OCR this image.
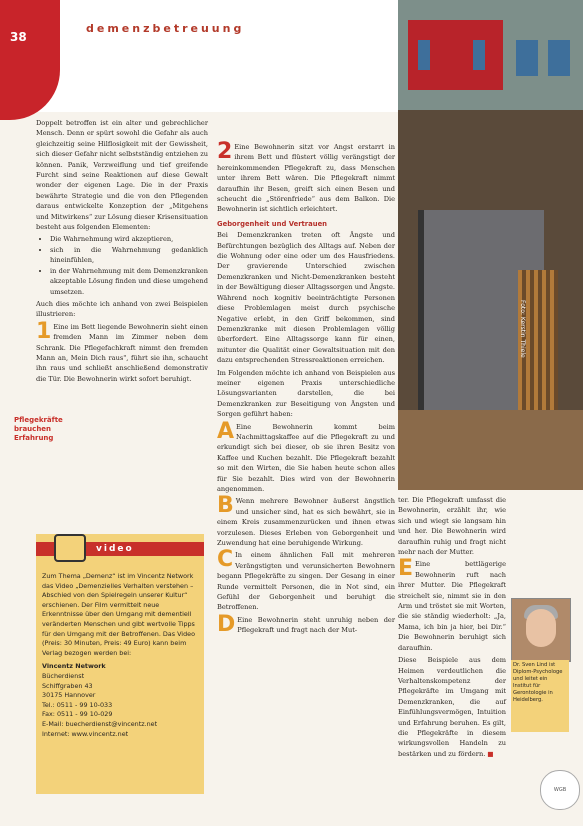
38
demenzbetreuung
Foto: Kerstin Thiele

Doppelt betroffen ist ein alter und gebrechlicher Mensch. Denn er spürt sowohl die Gefahr als auch gleichzeitig seine Hilflosigkeit mit der Gewissheit, sich dieser Gefahr nicht selbstständig entziehen zu können. Panik, Verzweiflung und tief greifende Furcht sind seine Reaktionen auf diese Gewalt wonder der eigenen Lage. Die in der Praxis bewährte Strategie und die von den Pflegenden daraus entwickelte Konzeption der „Mitgehens und Mitwirkens“ zur Lösung dieser Krisensituation besteht aus folgenden Elementen:

• Die Wahrnehmung wird akzeptieren,
• sich in die Wahrnehmung gedanklich hineinfühlen,
• in der Wahrnehmung mit dem Demenzkranken akzeptable Lösung finden und diese umgehend umsetzen.

Auch dies möchte ich anhand von zwei Beispielen illustrieren:

1 Eine im Bett liegende Bewohnerin sieht einen fremden Mann im Zimmer neben dem Schrank. Die Pflegefachkraft nimmt den fremden Mann an, Mein Dich raus", führt sie ihn, schaucht ihn raus und schließt anschließend demonstrativ die Tür. Die Bewohnerin wirkt sofort beruhigt.

Pflegekräfte brauchen Erfahrung

2 Eine Bewohnerin sitzt vor Angst erstarrt in ihrem Bett und flüstert völlig verängstigt der hereinkommenden Pflegekraft zu, dass Menschen unter ihrem Bett wären. Die Pflegekraft nimmt daraufhin ihr Besen, greift sich einen Besen und scheucht die „Störenfriede“ aus dem Balkon. Die Bewohnerin ist sichtlich erleichtert.

Geborgenheit und Vertrauen

Bei Demenzkranken treten oft Ängste und Befürchtungen bezüglich des Alltags auf. Neben der die Wohnung oder eine oder um des Hausfriedens. Der gravierende Unterschied zwischen Demenzkranken und Nicht-Demenzkranken besteht in der Bewältigung dieser Alltagssorgen und Ängste. Während noch kognitiv beeinträchtigte Personen diese Problemlagen meist durch psychische Negative erlebt, in den Griff bekommen, sind Demenzkranke mit diesen Problemlagen völlig überfordert. Eine Alltagssorge kann für einen, mitunter die Qualität einer Gewaltsituation mit den dazu entsprechenden Stressreaktionen erreichen.

Im Folgenden möchte ich anhand von Beispielen aus meiner eigenen Praxis unterschiedliche Lösungsvarianten darstellen, die bei Demenzkranken zur Beseitigung von Ängsten und Sorgen geführt haben:

A Eine Bewohnerin kommt beim Nachmittagskaffee auf die Pflegekraft zu und erkundigt sich bei dieser, ob sie ihren Besitz von Kaffee und Kuchen bezahlt. Die Pflegekraft bezahlt so mit den Wirten, die Sie haben heute schon alles für Sie bezahlt. Dies wird von der Bewohnerin angenommen.

B Wenn mehrere Bewohner äußerst ängstlich und unsicher sind, hat es sich bewährt, sie in einem Kreis zusammenzurücken und ihnen etwas vorzulesen. Dieses Erleben von Geborgenheit und Zuwendung hat eine beruhigende Wirkung.

C In einem ähnlichen Fall mit mehreren Verängstigten und verunsicherten Bewohnern begann Pflegekräfte zu singen. Der Gesang in einer Runde vermittelt Personen, die in Not sind, ein Gefühl der Geborgenheit und beruhigt die Betroffenen.

D Eine Bewohnerin steht unruhig neben der Pflegekraft und fragt nach der Mut-

ter. Die Pflegekraft umfasst die Bewohnerin, erzählt ihr, wie sich und wiegt sie langsam hin und her. Die Bewohnerin wird daraufhin ruhig und fragt nicht mehr nach der Mutter.

E Eine bettlägerige Bewohnerin ruft nach ihrer Mutter. Die Pflegekraft streichelt sie, nimmt sie in den Arm und tröstet sie mit Worten, die sie ständig wiederholt: „Ja, Mama, ich bin ja hier, bei Dir.“ Die Bewohnerin beruhigt sich daraufhin.

Diese Beispiele aus dem Heimen verdeutlichen die Verhaltenskompetenz der Pflegekräfte im Umgang mit Demenzkranken, die auf Einfühlungsvermögen, Intuition und Erfahrung beruhen. Es gilt, die Pflegekräfte in diesem wirkungsvollen Handeln zu bestärken und zu fördern. ■

video

Zum Thema „Demenz“ ist im Vincentz Network das Video „Demenzielles Verhalten verstehen – Abschied von den Spielregeln unserer Kultur“ erschienen. Der Film vermittelt neue Erkenntnisse über den Umgang mit dementiell veränderten Menschen und gibt wertvolle Tipps für den Umgang mit der Betroffenen. Das Video (Preis: 30 Minuten, Preis: 49 Euro) kann beim Verlag bezogen werden bei:

Vincentz Network
Bücherdienst
Schiffgraben 43
30175 Hannover
Tel.: 0511 - 99 10-033
Fax: 0511 - 99 10-029
E-Mail: buecherdienst@vincentz.net
Internet: www.vincentz.net
Dr. Sven Lind ist Diplom-Psychologe und leitet ein Institut für Gerontologie in Heidelberg.
WGB
